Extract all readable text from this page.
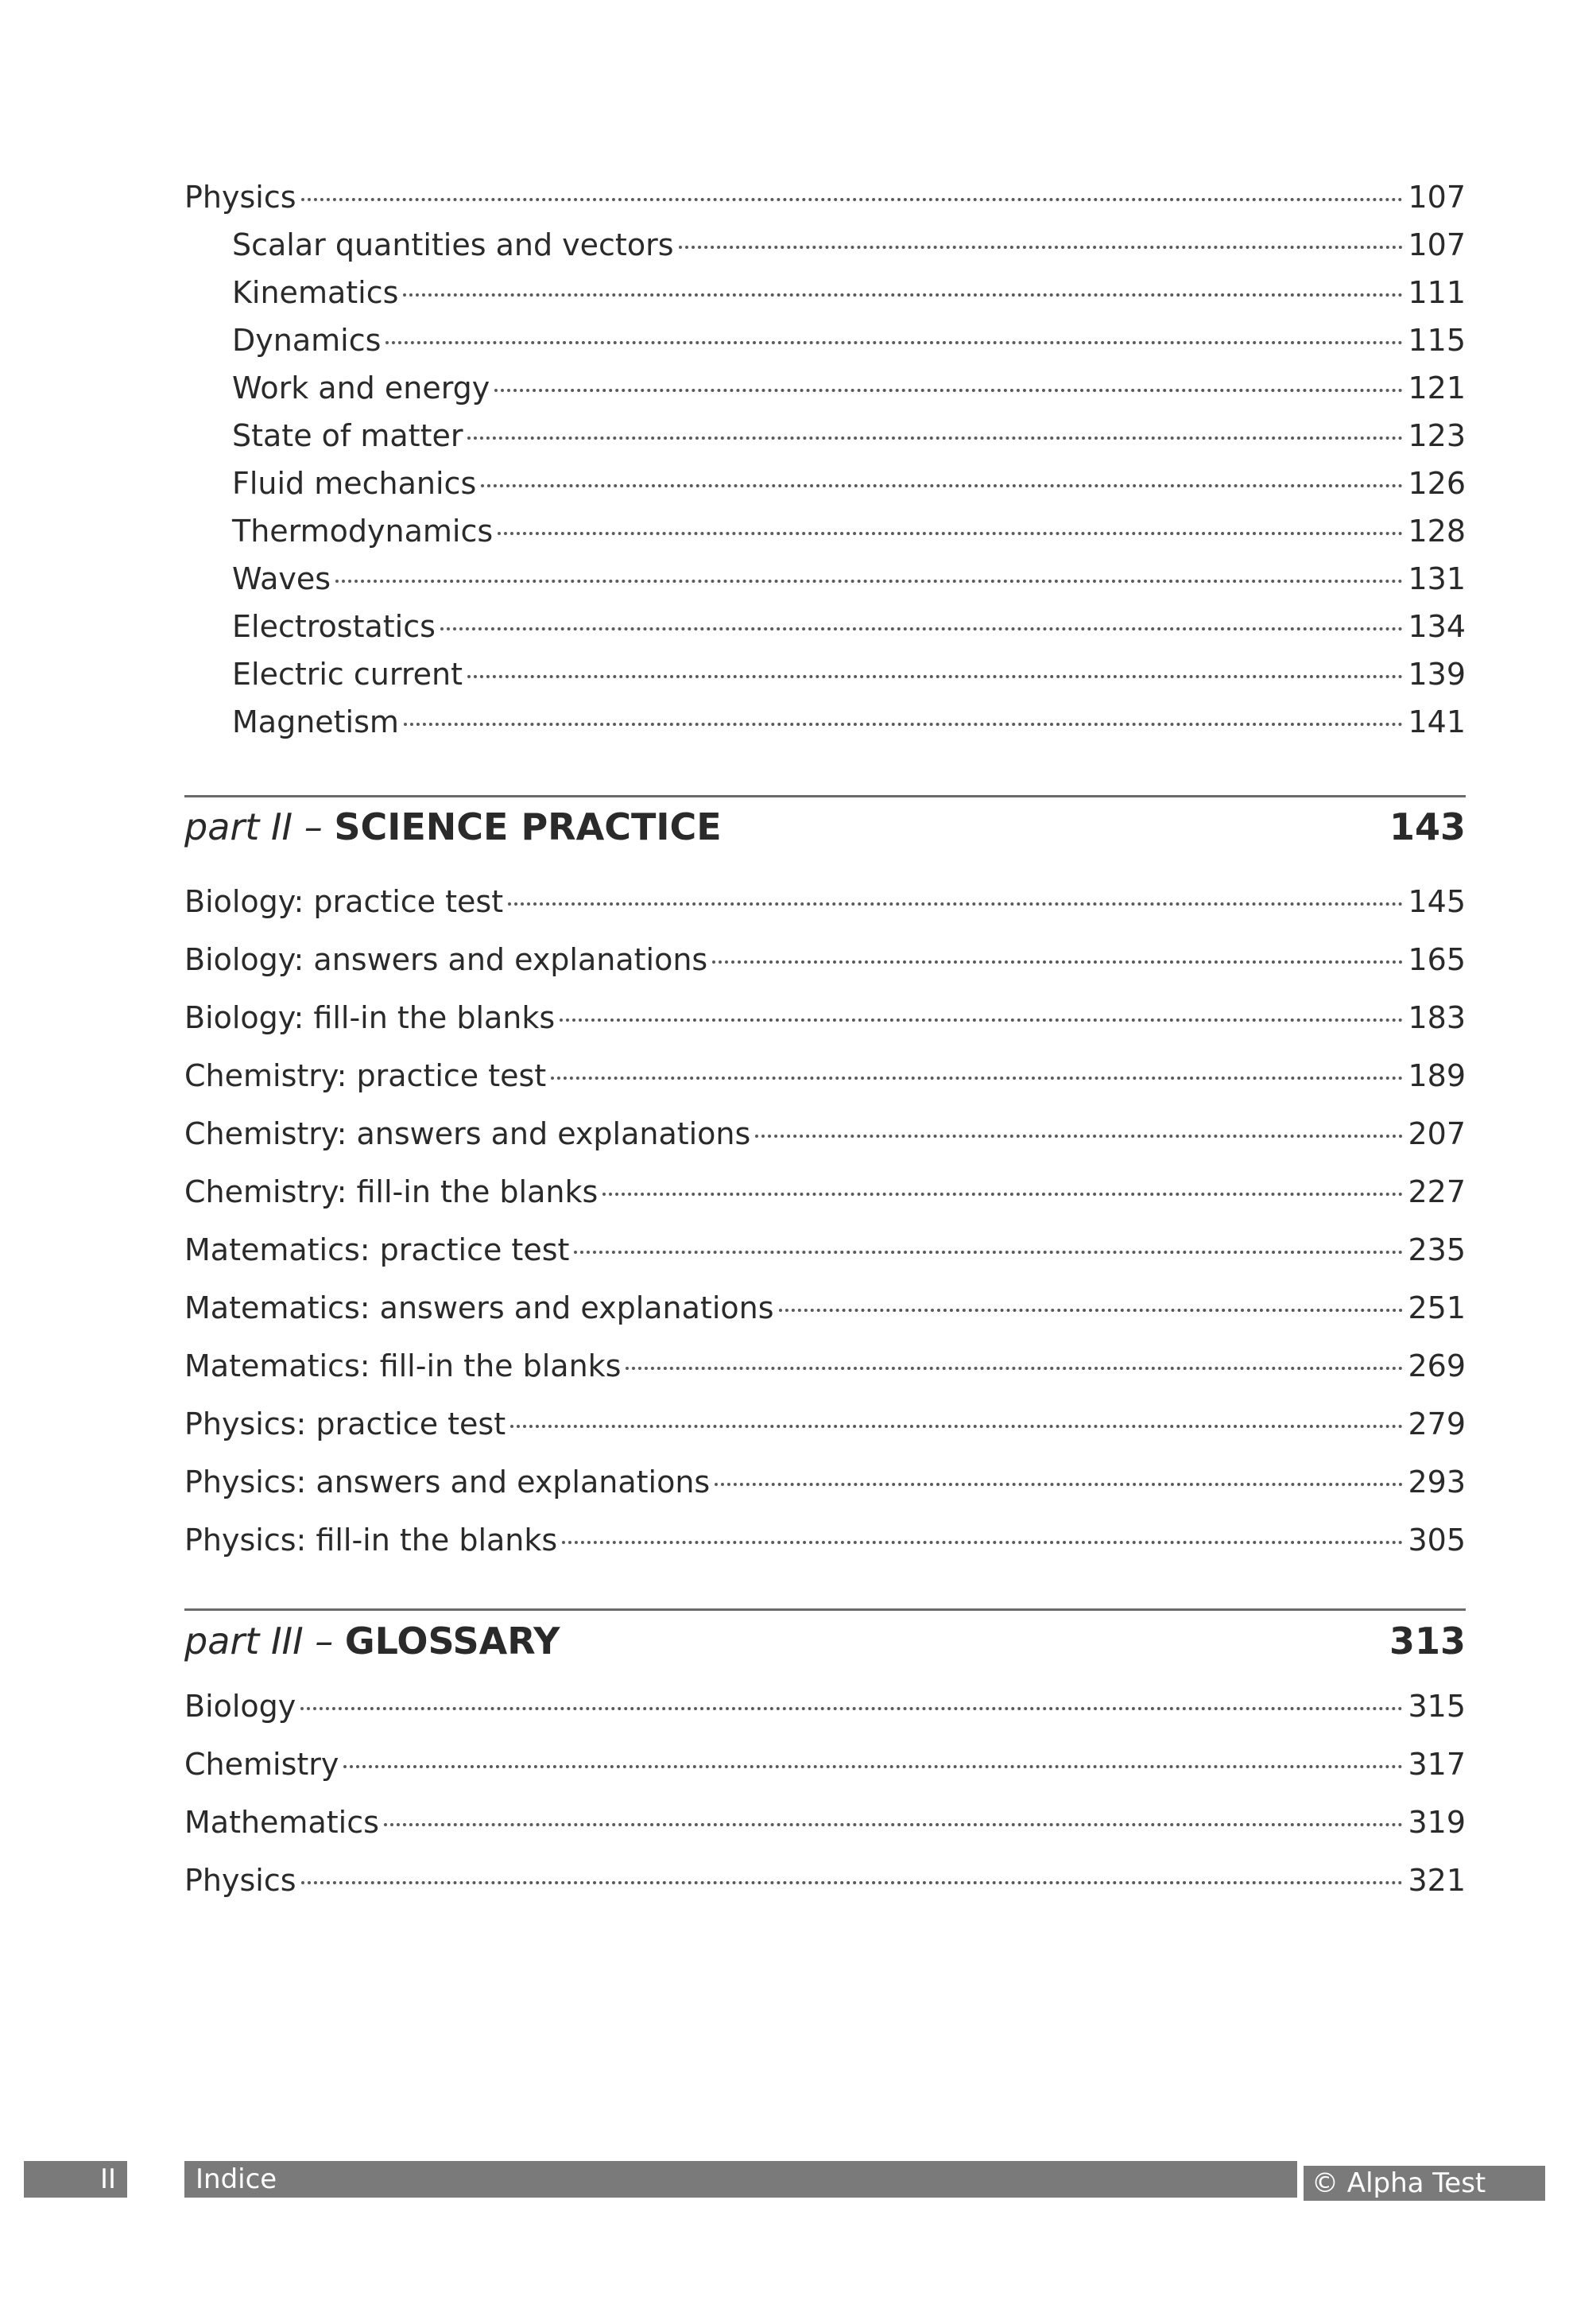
Physics	107
Scalar quantities and vectors	107
Kinematics	111
Dynamics	115
Work and energy	121
State of matter	123
Fluid mechanics	126
Thermodynamics	128
Waves	131
Electrostatics	134
Electric current	139
Magnetism	141
part II – SCIENCE PRACTICE	143
Biology: practice test	145
Biology: answers and explanations	165
Biology: fill-in the blanks	183
Chemistry: practice test	189
Chemistry: answers and explanations	207
Chemistry: fill-in the blanks	227
Matematics: practice test	235
Matematics: answers and explanations	251
Matematics: fill-in the blanks	269
Physics: practice test	279
Physics: answers and explanations	293
Physics: fill-in the blanks	305
part III – GLOSSARY	313
Biology	315
Chemistry	317
Mathematics	319
Physics	321
II	Indice	© Alpha Test
